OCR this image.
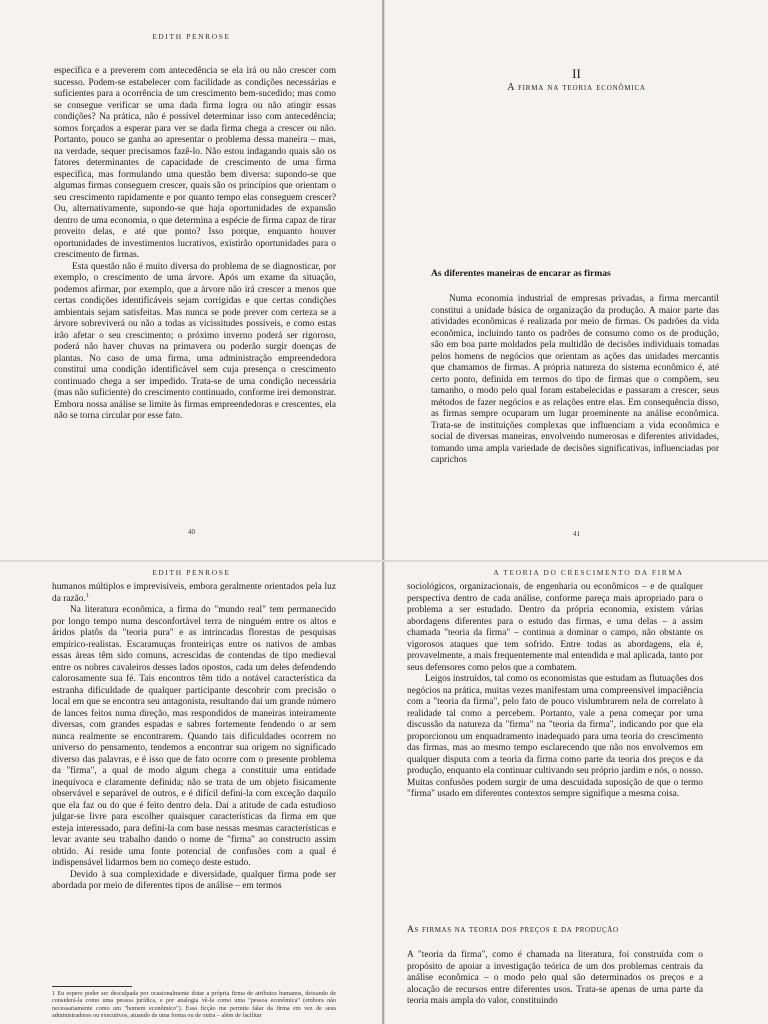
EDITH PENROSE

específica e a preverem com antecedência se ela irá ou não crescer com sucesso. Podem-se estabelecer com facilidade as condições necessárias e suficientes para a ocorrência de um crescimento bem-sucedido; mas como se consegue verificar se uma dada firma logra ou não atingir essas condições? Na prática, não é possível determinar isso com antecedência; somos forçados a esperar para ver se dada firma chega a crescer ou não. Portanto, pouco se ganha ao apresentar o problema dessa maneira – mas, na verdade, sequer precisamos fazê-lo. Não estou indagando quais são os fatores determinantes de capacidade de crescimento de uma firma específica, mas formulando uma questão bem diversa: supondo-se que algumas firmas conseguem crescer, quais são os princípios que orientam o seu crescimento rapidamente e por quanto tempo elas conseguem crescer? Ou, alternativamente, supondo-se que haja oportunidades de expansão dentro de uma economia, o que determina a espécie de firma capaz de tirar proveito delas, e até que ponto? Isso porque, enquanto houver oportunidades de investimentos lucrativos, existirão oportunidades para o crescimento de firmas.

Esta questão não é muito diversa do problema de se diagnosticar, por exemplo, o crescimento de uma árvore. Após um exame da situação, podemos afirmar, por exemplo, que a árvore não irá crescer a menos que certas condições identificáveis sejam corrigidas e que certas condições ambientais sejam satisfeitas. Mas nunca se pode prever com certeza se a árvore sobreviverá ou não a todas as vicissitudes possíveis, e como estas irão afetar o seu crescimento; o próximo inverno poderá ser rigoroso, poderá não haver chuvas na primavera ou poderão surgir doenças de plantas. No caso de uma firma, uma administração empreendedora constitui uma condição identificável sem cuja presença o crescimento continuado chega a ser impedido. Trata-se de uma condição necessária (mas não suficiente) do crescimento continuado, conforme irei demonstrar. Embora nossa análise se limite às firmas empreendedoras e crescentes, ela não se torna circular por esse fato.

40
II
A firma na teoria econômica
As diferentes maneiras de encarar as firmas

Numa economia industrial de empresas privadas, a firma mercantil constitui a unidade básica de organização da produção. A maior parte das atividades econômicas é realizada por meio de firmas. Os padrões da vida econômica, incluindo tanto os padrões de consumo como os de produção, são em boa parte moldados pela multidão de decisões individuais tomadas pelos homens de negócios que orientam as ações das unidades mercantis que chamamos de firmas. A própria natureza do sistema econômico é, até certo ponto, definida em termos do tipo de firmas que o compõem, seu tamanho, o modo pelo qual foram estabelecidas e passaram a crescer, seus métodos de fazer negócios e as relações entre elas. Em consequência disso, as firmas sempre ocuparam um lugar proeminente na análise econômica. Trata-se de instituições complexas que influenciam a vida econômica e social de diversas maneiras, envolvendo numerosas e diferentes atividades, tomando uma ampla variedade de decisões significativas, influenciadas por caprichos

41
EDITH PENROSE

humanos múltiplos e imprevisíveis, embora geralmente orientados pela luz da razão.$^1$

Na literatura econômica, a firma do "mundo real" tem permanecido por longo tempo numa desconfortável terra de ninguém entre os altos e áridos platôs da "teoria pura" e as intrincadas florestas de pesquisas empírico-realistas. Escaramuças fronteiriças entre os nativos de ambas essas áreas têm sido comuns, acrescidas de contendas de tipo medieval entre os nobres cavaleiros desses lados opostos, cada um deles defendendo calorosamente sua fé. Tais encontros têm tido a notável característica da estranha dificuldade de qualquer participante descobrir com precisão o local em que se encontra seu antagonista, resultando daí um grande número de lances feitos numa direção, mas respondidos de maneiras inteiramente diversas, com grandes espadas e sabres fortemente fendendo o ar sem nunca realmente se encontrarem. Quando tais dificuldades ocorrem no universo do pensamento, tendemos a encontrar sua origem no significado diverso das palavras, e é isso que de fato ocorre com o presente problema da "firma", a qual de modo algum chega a constituir uma entidade inequívoca e claramente definida; não se trata de um objeto fisicamente observável e separável de outros, e é difícil defini-la com exceção daquilo que ela faz ou do que é feito dentro dela. Daí a atitude de cada estudioso julgar-se livre para escolher quaisquer características da firma em que esteja interessado, para defini-la com base nessas mesmas características e levar avante seu trabalho dando o nome de "firma" ao constructo assim obtido. Aí reside uma fonte potencial de confusões com a qual é indispensável lidarmos bem no começo deste estudo.

Devido à sua complexidade e diversidade, qualquer firma pode ser abordada por meio de diferentes tipos de análise – em termos

1 Eu espero poder ser desculpada por ocasionalmente dotar a própria firma de atributos humanos, deixando de considerá-la como uma pessoa jurídica, e por analogia vê-la como uma "pessoa econômica" (embora não necessariamente como um "homem econômico"). Essa ficção me permite falar da firma em vez de seus administradores ou executivos, atuando de uma forma ou de outra – além de facilitar
A TEORIA DO CRESCIMENTO DA FIRMA

sociológicos, organizacionais, de engenharia ou econômicos – e de qualquer perspectiva dentro de cada análise, conforme pareça mais apropriado para o problema a ser estudado. Dentro da própria economia, existem várias abordagens diferentes para o estudo das firmas, e uma delas – a assim chamada "teoria da firma" – continua a dominar o campo, não obstante os vigorosos ataques que tem sofrido. Entre todas as abordagens, ela é, provavelmente, a mais frequentemente mal entendida e mal aplicada, tanto por seus defensores como pelos que a combatem.

Leigos instruídos, tal como os economistas que estudam as flutuações dos negócios na prática, muitas vezes manifestam uma compreensível impaciência com a "teoria da firma", pelo fato de pouco vislumbrarem nela de correlato à realidade tal como a percebem. Portanto, vale a pena começar por uma discussão da natureza da "firma" na "teoria da firma", indicando por que ela proporcionou um enquadramento inadequado para uma teoria do crescimento das firmas, mas ao mesmo tempo esclarecendo que não nos envolvemos em qualquer disputa com a teoria da firma como parte da teoria dos preços e da produção, enquanto ela continuar cultivando seu próprio jardim e nós, o nosso. Muitas confusões podem surgir de uma descuidada suposição de que o termo "firma" usado em diferentes contextos sempre signifique a mesma coisa.

As firmas na teoria dos preços e da produção

A "teoria da firma", como é chamada na literatura, foi construída com o propósito de apoiar a investigação teórica de um dos problemas centrais da análise econômica – o modo pelo qual são determinados os preços e a alocação de recursos entre diferentes usos. Trata-se apenas de uma parte da teoria mais ampla do valor, constituindo
